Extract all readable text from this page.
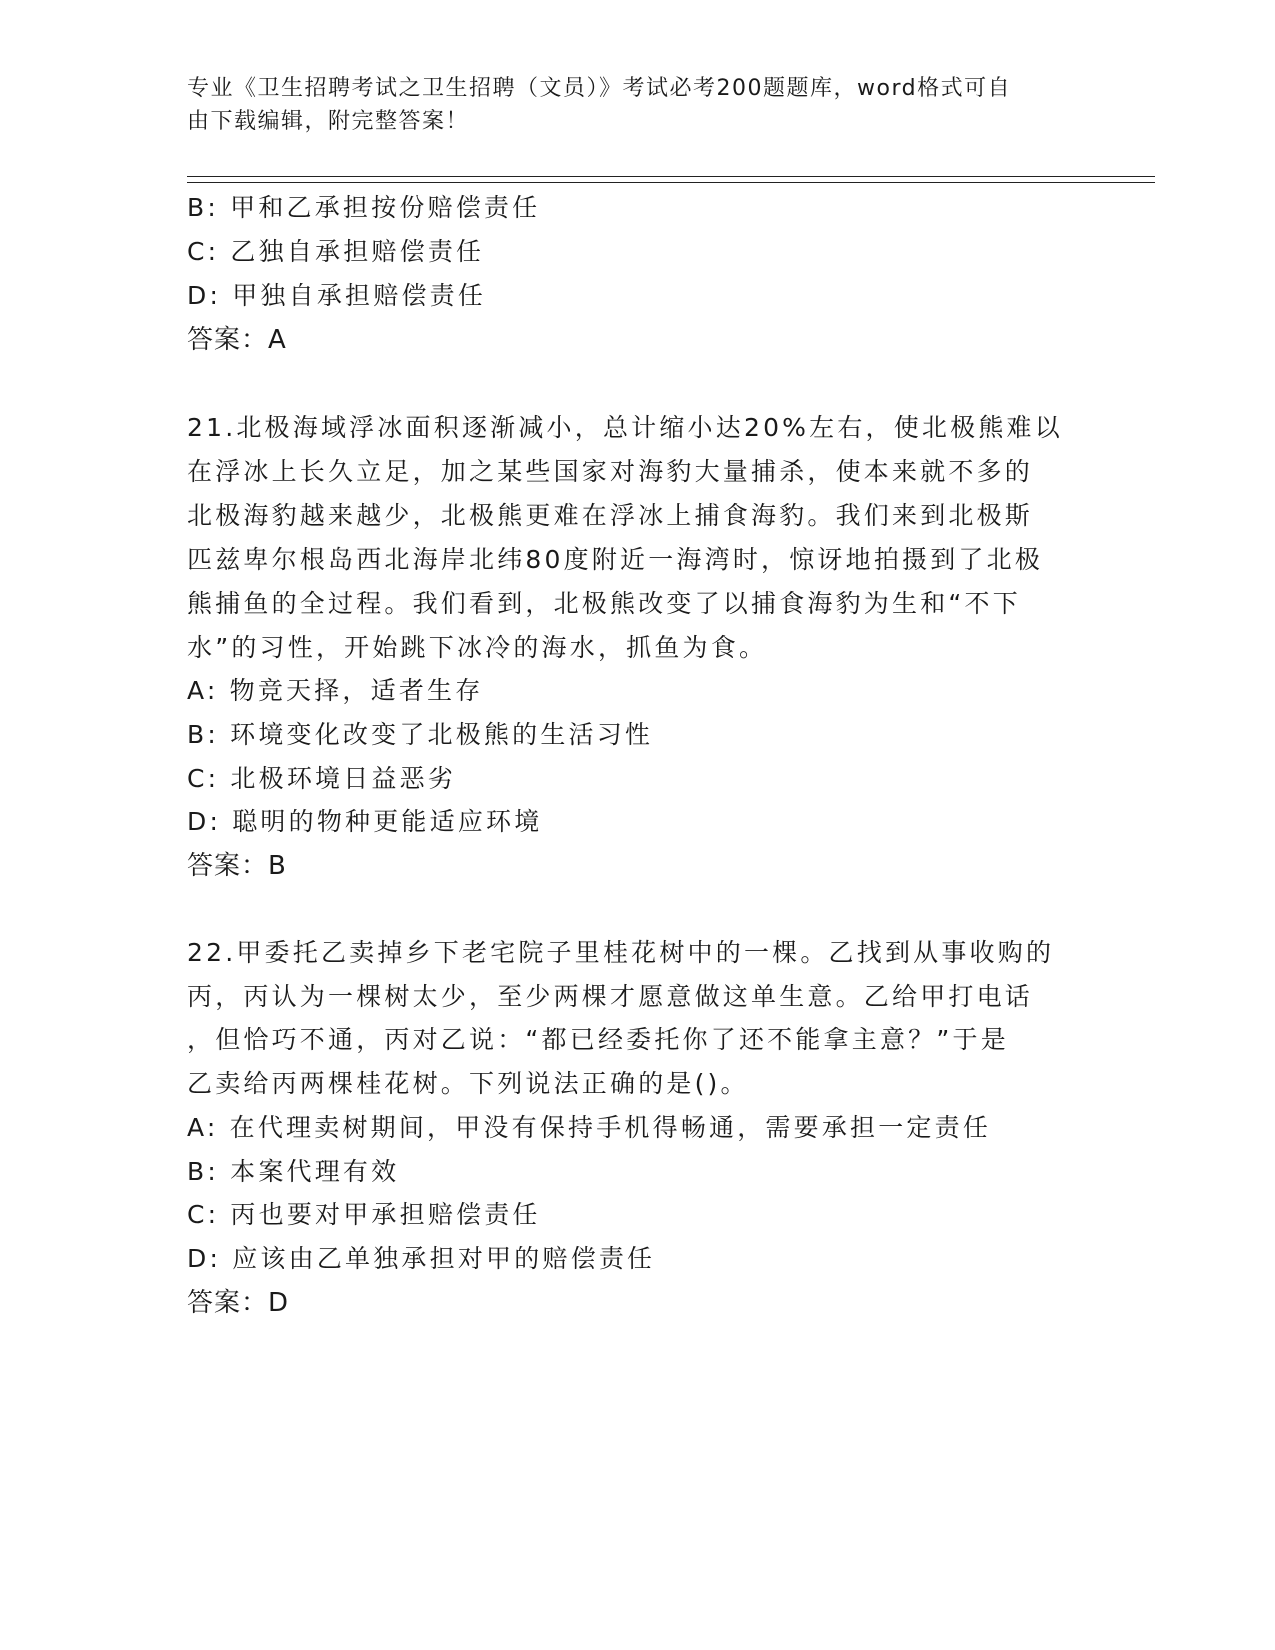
专业《卫生招聘考试之卫生招聘（文员）》考试必考200题题库，word格式可自
由下载编辑，附完整答案！
B: 甲和乙承担按份赔偿责任
C: 乙独自承担赔偿责任
D: 甲独自承担赔偿责任
答案：A
21.北极海域浮冰面积逐渐减小，总计缩小达20%左右，使北极熊难以
在浮冰上长久立足，加之某些国家对海豹大量捕杀，使本来就不多的
北极海豹越来越少，北极熊更难在浮冰上捕食海豹。我们来到北极斯
匹兹卑尔根岛西北海岸北纬80度附近一海湾时，惊讶地拍摄到了北极
熊捕鱼的全过程。我们看到，北极熊改变了以捕食海豹为生和“不下
水”的习性，开始跳下冰冷的海水，抓鱼为食。
A: 物竞天择，适者生存
B: 环境变化改变了北极熊的生活习性
C: 北极环境日益恶劣
D: 聪明的物种更能适应环境
答案：B
22.甲委托乙卖掉乡下老宅院子里桂花树中的一棵。乙找到从事收购的
丙，丙认为一棵树太少，至少两棵才愿意做这单生意。乙给甲打电话
，但恰巧不通，丙对乙说：“都已经委托你了还不能拿主意？”于是
乙卖给丙两棵桂花树。下列说法正确的是()。
A: 在代理卖树期间，甲没有保持手机得畅通，需要承担一定责任
B: 本案代理有效
C: 丙也要对甲承担赔偿责任
D: 应该由乙单独承担对甲的赔偿责任
答案：D
